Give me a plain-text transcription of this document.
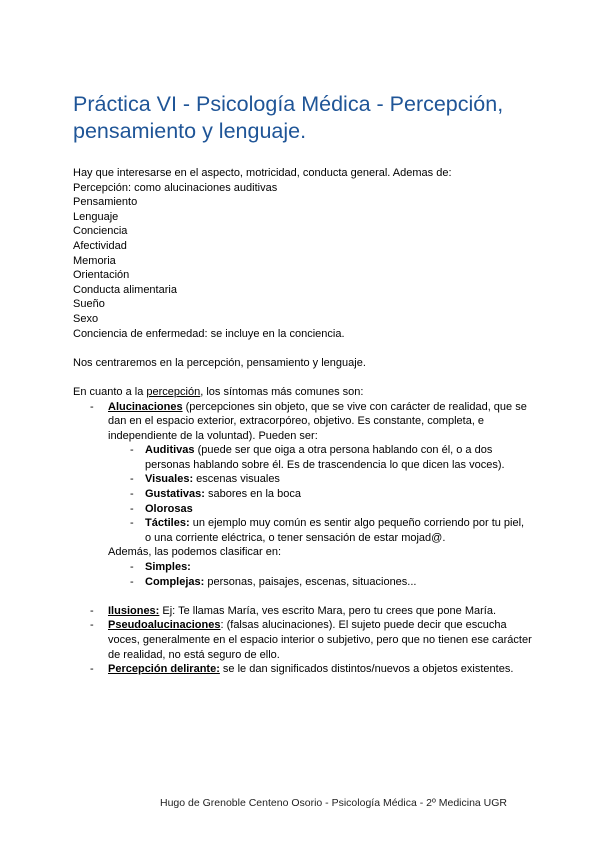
Práctica VI - Psicología Médica - Percepción, pensamiento y lenguaje.
Hay que interesarse en el aspecto, motricidad, conducta general. Ademas de:
Percepción: como alucinaciones auditivas
Pensamiento
Lenguaje
Conciencia
Afectividad
Memoria
Orientación
Conducta alimentaria
Sueño
Sexo
Conciencia de enfermedad: se incluye en la conciencia.
Nos centraremos en la percepción, pensamiento y lenguaje.
En cuanto a la percepción, los síntomas más comunes son:
- Alucinaciones (percepciones sin objeto, que se vive con carácter de realidad, que se dan en el espacio exterior, extracorpóreo, objetivo. Es constante, completa, e independiente de la voluntad). Pueden ser:
- Auditivas (puede ser que oiga a otra persona hablando con él, o a dos personas hablando sobre él. Es de trascendencia lo que dicen las voces).
- Visuales: escenas visuales
- Gustativas: sabores en la boca
- Olorosas
- Táctiles: un ejemplo muy común es sentir algo pequeño corriendo por tu piel, o una corriente eléctrica, o tener sensación de estar mojad@.
Además, las podemos clasificar en:
- Simples:
- Complejas: personas, paisajes, escenas, situaciones...
- Ilusiones: Ej: Te llamas María, ves escrito Mara, pero tu crees que pone María.
- Pseudoalucinaciones: (falsas alucinaciones). El sujeto puede decir que escucha voces, generalmente en el espacio interior o subjetivo, pero que no tienen ese carácter de realidad, no está seguro de ello.
- Percepción delirante: se le dan significados distintos/nuevos a objetos existentes.
Hugo de Grenoble Centeno Osorio - Psicología Médica - 2º Medicina UGR
